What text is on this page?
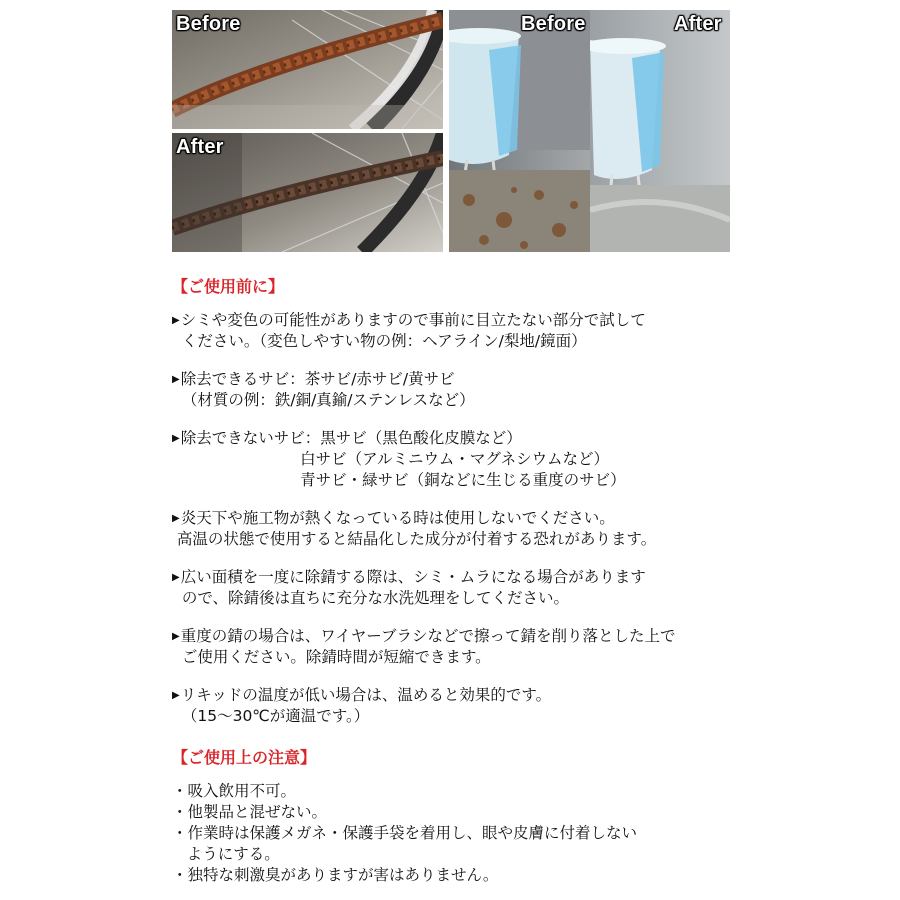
Before
After
Before	After
【ご使用前に】
▶シミや変色の可能性がありますので事前に目立たない部分で試して
ください。（変色しやすい物の例：ヘアライン/梨地/鏡面）
▶除去できるサビ：茶サビ/赤サビ/黄サビ
（材質の例：鉄/銅/真鍮/ステンレスなど）
▶除去できないサビ：黒サビ（黒色酸化皮膜など）
白サビ（アルミニウム・マグネシウムなど）
青サビ・緑サビ（銅などに生じる重度のサビ）
▶炎天下や施工物が熱くなっている時は使用しないでください。
高温の状態で使用すると結晶化した成分が付着する恐れがあります。
▶広い面積を一度に除錆する際は、シミ・ムラになる場合があります
ので、除錆後は直ちに充分な水洗処理をしてください。
▶重度の錆の場合は、ワイヤーブラシなどで擦って錆を削り落とした上で
ご使用ください。除錆時間が短縮できます。
▶リキッドの温度が低い場合は、温めると効果的です。
（15～30℃が適温です。）
【ご使用上の注意】
・吸入飲用不可。
・他製品と混ぜない。
・作業時は保護メガネ・保護手袋を着用し、眼や皮膚に付着しない
ようにする。
・独特な刺激臭がありますが害はありません。
